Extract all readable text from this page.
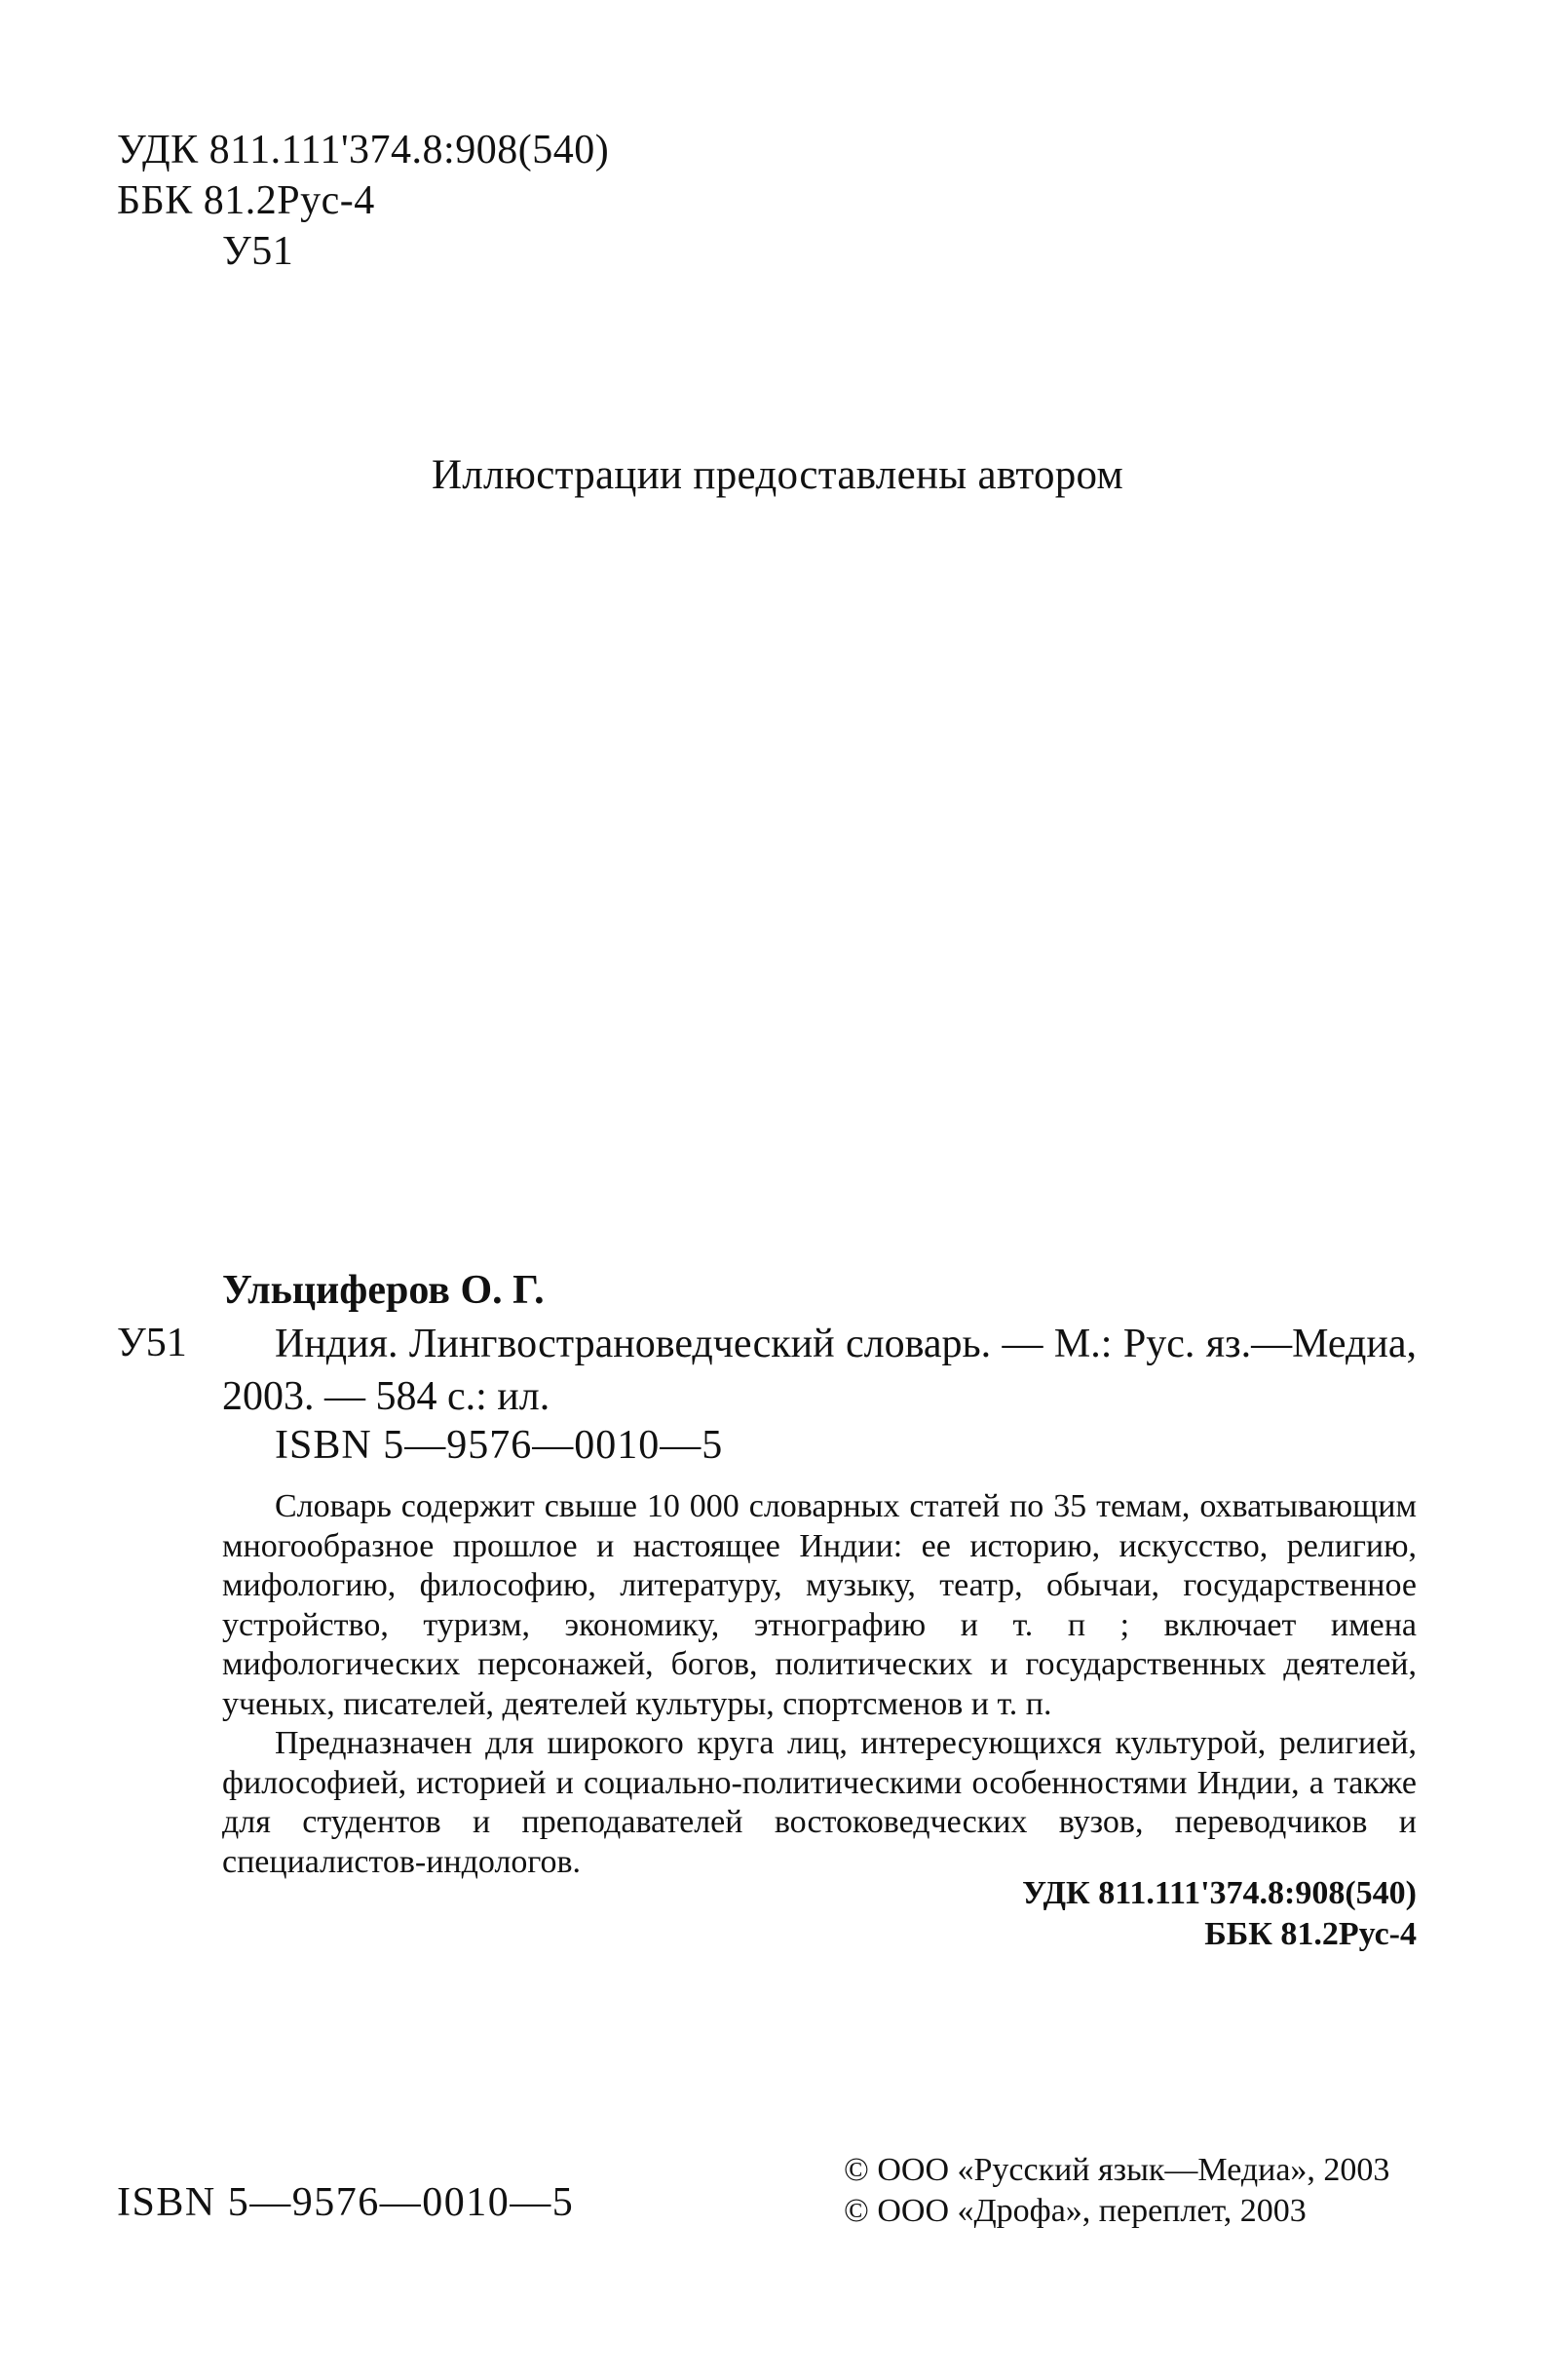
УДК 811.111'374.8:908(540)
ББК 81.2Рус-4
У51
Иллюстрации предоставлены автором
Ульциферов О. Г.
У51	Индия. Лингвострановедческий словарь. — М.: Рус. яз.—Медиа, 2003. — 584 с.: ил.
ISBN 5—9576—0010—5

Словарь содержит свыше 10 000 словарных статей по 35 темам, охватывающим многообразное прошлое и настоящее Индии: ее историю, искусство, религию, мифологию, философию, литературу, музыку, театр, обычаи, государственное устройство, туризм, экономику, этнографию и т. п ; включает имена мифологических персонажей, богов, политических и государственных деятелей, ученых, писателей, деятелей культуры, спортсменов и т. п.

Предназначен для широкого круга лиц, интересующихся культурой, религией, философией, историей и социально-политическими особенностями Индии, а также для студентов и преподавателей востоковедческих вузов, переводчиков и специалистов-индологов.

УДК 811.111'374.8:908(540)
ББК 81.2Рус-4
ISBN 5—9576—0010—5
© ООО «Русский язык—Медиа», 2003
© ООО «Дрофа», переплет, 2003
